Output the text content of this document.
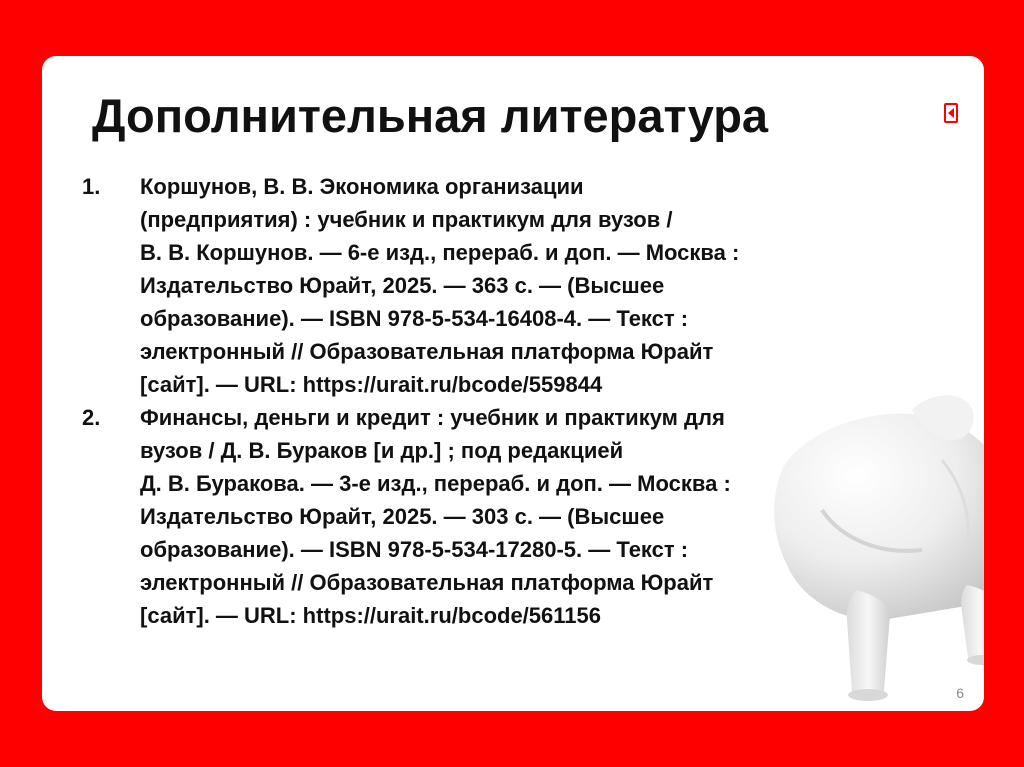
Дополнительная литература
1.	Коршунов, В. В. Экономика организации
(предприятия) : учебник и практикум для вузов /
В. В. Коршунов. — 6-е изд., перераб. и доп. — Москва :
Издательство Юрайт, 2025. — 363 с. — (Высшее
образование). — ISBN 978-5-534-16408-4. — Текст :
электронный // Образовательная платформа Юрайт
[сайт]. — URL: https://urait.ru/bcode/559844
2.	Финансы, деньги и кредит : учебник и практикум для
вузов / Д. В. Бураков [и др.] ; под редакцией
Д. В. Буракова. — 3-е изд., перераб. и доп. — Москва :
Издательство Юрайт, 2025. — 303 с. — (Высшее
образование). — ISBN 978-5-534-17280-5. — Текст :
электронный // Образовательная платформа Юрайт
[сайт]. — URL: https://urait.ru/bcode/561156
6
